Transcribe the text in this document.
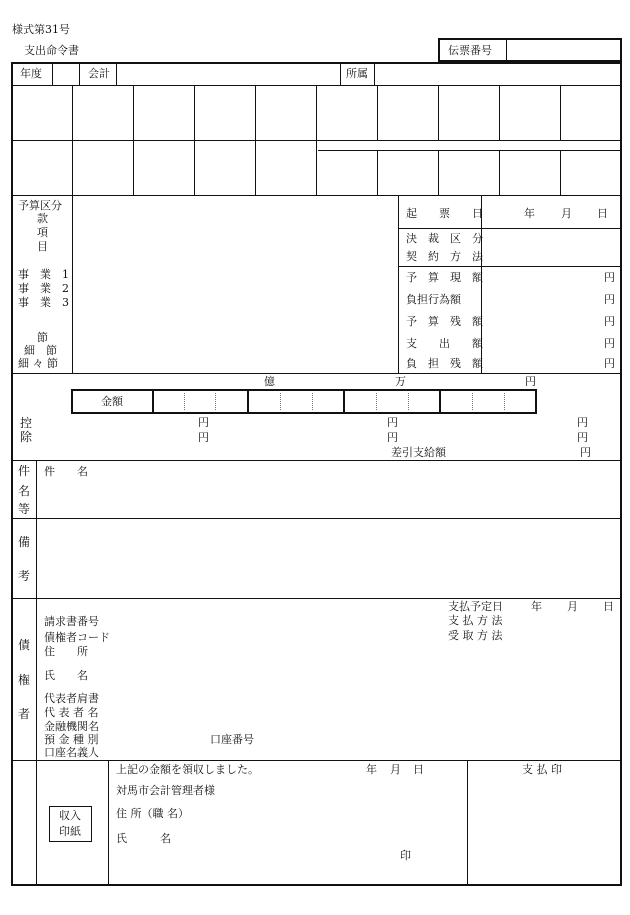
様式第31号
支出命令書	伝票番号
年度	会計	所属
予算区分
款
項
目
事　業　1
事　業　2
事　業　3
節
細　節
細 々 節
起　　票　　日	年 月 日
決　裁　区　分
契　約　方　法
予　算　現　額	円
負担行為額	円
予　算　残　額	円
支　　出　　額	円
負　担　残　額	円
億	万	円
金額
控
除
円	円	円
円	円	円
差引支給額	円
件
名
等
件　　名
備
考
債
権
者
請求書番号
債権者コード
住　　所
氏　　名
代表者肩書
代 表 者 名
金融機関名
預 金 種 別
口座名義人
口座番号
支払予定日	年 月 日
支 払 方 法
受 取 方 法
収入
印紙
上記の金額を領収しました。	年 月 日
対馬市会計管理者様
住 所（職 名）
氏　　　名
印
支 払 印
